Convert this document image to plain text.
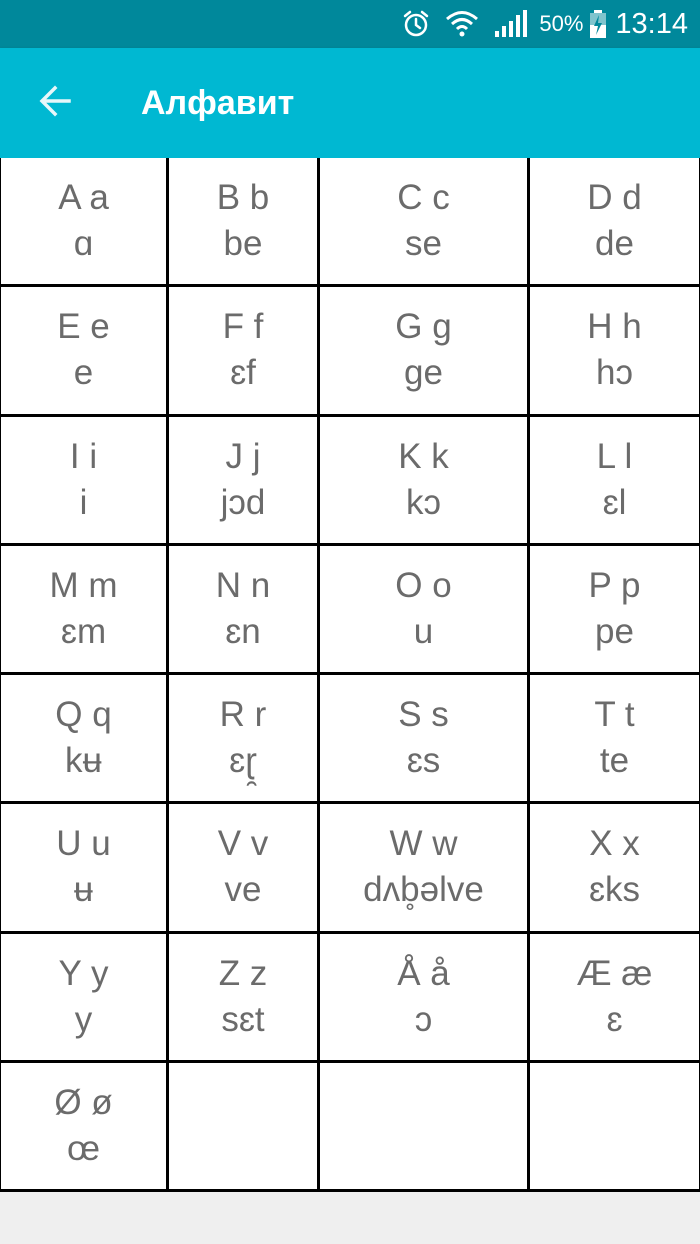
50% 13:14
Алфавит
A a
ɑ
B b
be
C c
se
D d
de
E e
e
F f
ɛf
G g
ge
H h
hɔ
I i
i
J j
jɔd
K k
kɔ
L l
ɛl
M m
ɛm
N n
ɛn
O o
u
P p
pe
Q q
kʉ
R r
ɛɽ̯
S s
ɛs
T t
te
U u
ʉ
V v
ve
W w
dʌb̥əlve
X x
ɛks
Y y
y
Z z
sɛt
Å å
ɔ
Æ æ
ɛ
Ø ø
œ
